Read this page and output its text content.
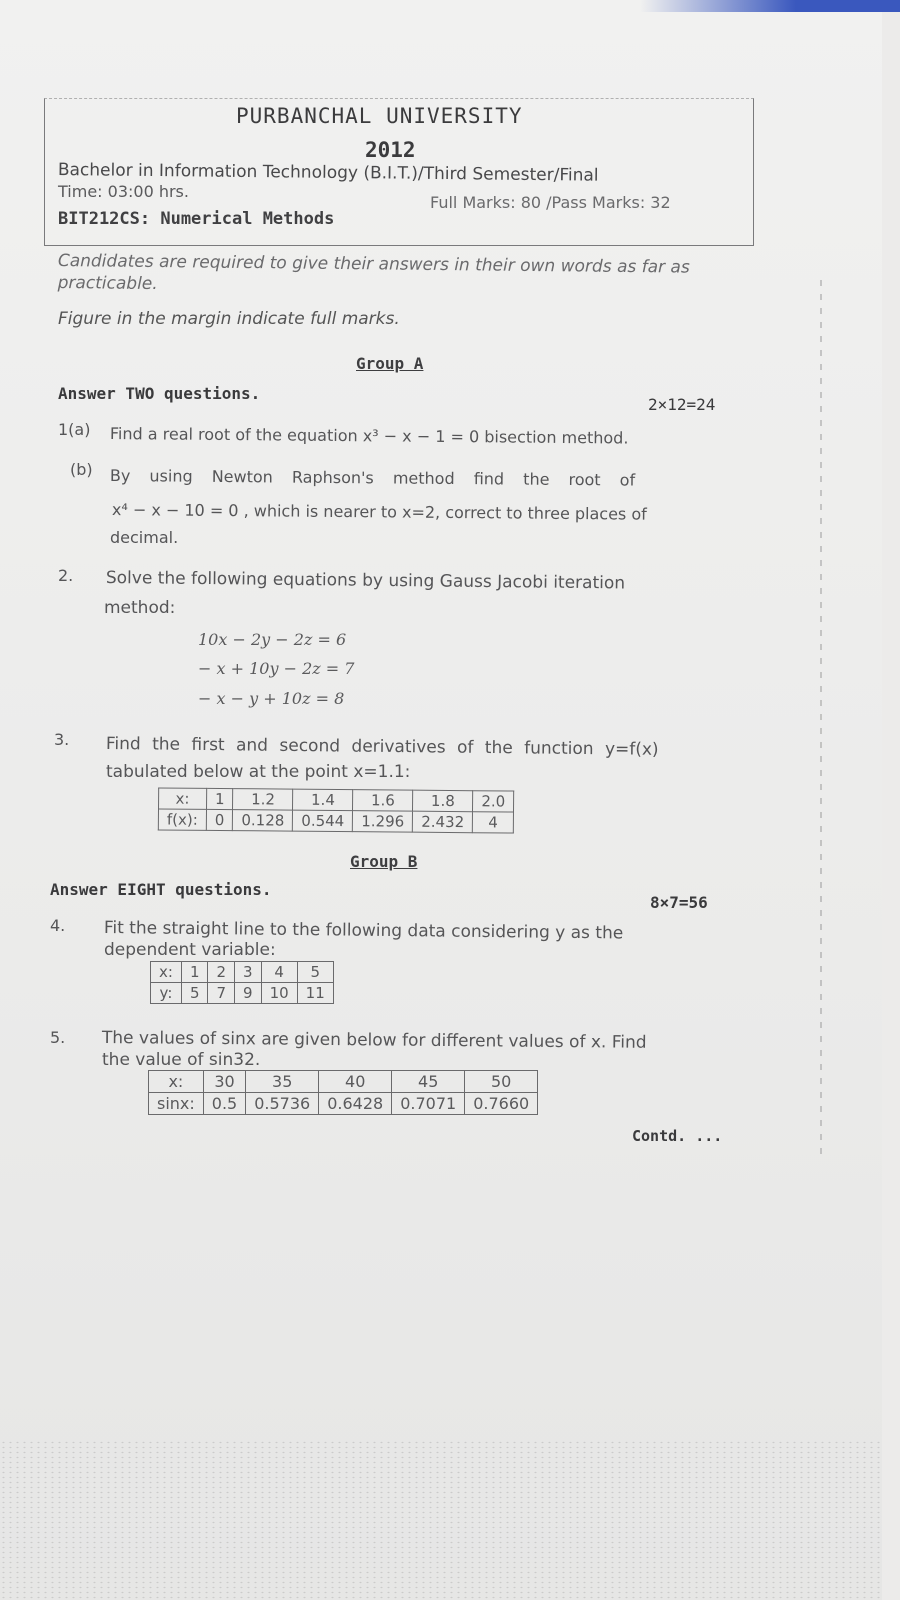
PURBANCHAL UNIVERSITY
2012
Bachelor in Information Technology (B.I.T.)/Third Semester/Final
Time: 03:00 hrs.
Full Marks: 80 /Pass Marks: 32
BIT212CS: Numerical Methods
Candidates are required to give their answers in their own words as far as practicable.
Figure in the margin indicate full marks.
Group A
Answer TWO questions.
2×12=24
1(a) Find a real root of the equation x³ − x − 1 = 0 bisection method.
(b) By using Newton Raphson's method find the root of
x⁴ − x − 10 = 0 , which is nearer to x=2, correct to three places of
decimal.
2. Solve the following equations by using Gauss Jacobi iteration
method:
10x − 2y − 2z = 6
− x + 10y − 2z = 7
− x − y + 10z = 8
3. Find the first and second derivatives of the function y=f(x)
tabulated below at the point x=1.1:
x:	1	1.2	1.4	1.6	1.8	2.0
f(x):	0	0.128	0.544	1.296	2.432	4
Group B
Answer EIGHT questions.
8×7=56
4. Fit the straight line to the following data considering y as the
dependent variable:
x:	1	2	3	4	5
y:	5	7	9	10	11
5. The values of sinx are given below for different values of x. Find
the value of sin32.
x:	30	35	40	45	50
sinx:	0.5	0.5736	0.6428	0.7071	0.7660
Contd. ...
